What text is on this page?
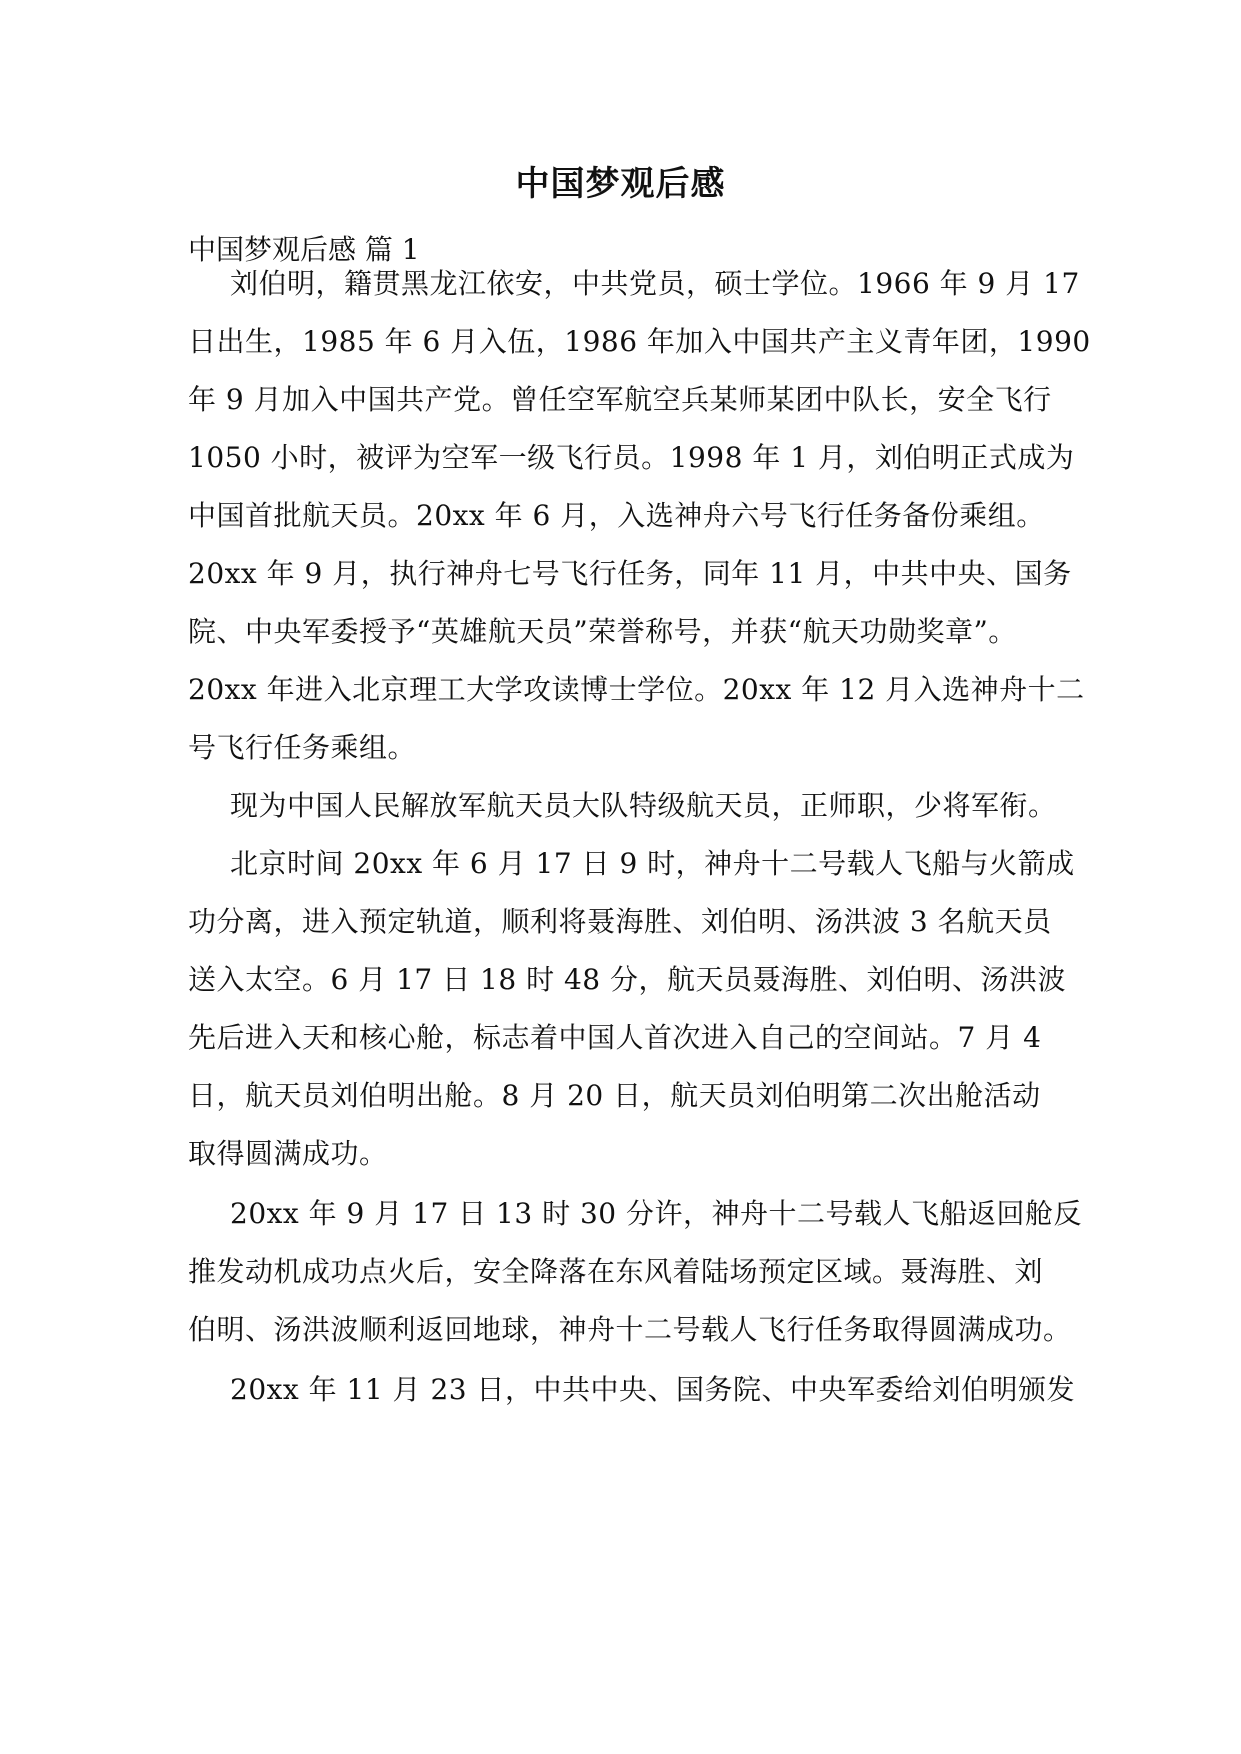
中国梦观后感
中国梦观后感 篇 1
刘伯明，籍贯黑龙江依安，中共党员，硕士学位。1966 年 9 月 17
日出生，1985 年 6 月入伍，1986 年加入中国共产主义青年团，1990
年 9 月加入中国共产党。曾任空军航空兵某师某团中队长，安全飞行
1050 小时，被评为空军一级飞行员。1998 年 1 月，刘伯明正式成为
中国首批航天员。20xx 年 6 月，入选神舟六号飞行任务备份乘组。
20xx 年 9 月，执行神舟七号飞行任务，同年 11 月，中共中央、国务
院、中央军委授予“英雄航天员”荣誉称号，并获“航天功勋奖章”。
20xx 年进入北京理工大学攻读博士学位。20xx 年 12 月入选神舟十二
号飞行任务乘组。
现为中国人民解放军航天员大队特级航天员，正师职，少将军衔。
北京时间 20xx 年 6 月 17 日 9 时，神舟十二号载人飞船与火箭成
功分离，进入预定轨道，顺利将聂海胜、刘伯明、汤洪波 3 名航天员
送入太空。6 月 17 日 18 时 48 分，航天员聂海胜、刘伯明、汤洪波
先后进入天和核心舱，标志着中国人首次进入自己的空间站。7 月 4
日，航天员刘伯明出舱。8 月 20 日，航天员刘伯明第二次出舱活动
取得圆满成功。
20xx 年 9 月 17 日 13 时 30 分许，神舟十二号载人飞船返回舱反
推发动机成功点火后，安全降落在东风着陆场预定区域。聂海胜、刘
伯明、汤洪波顺利返回地球，神舟十二号载人飞行任务取得圆满成功。
20xx 年 11 月 23 日，中共中央、国务院、中央军委给刘伯明颁发
